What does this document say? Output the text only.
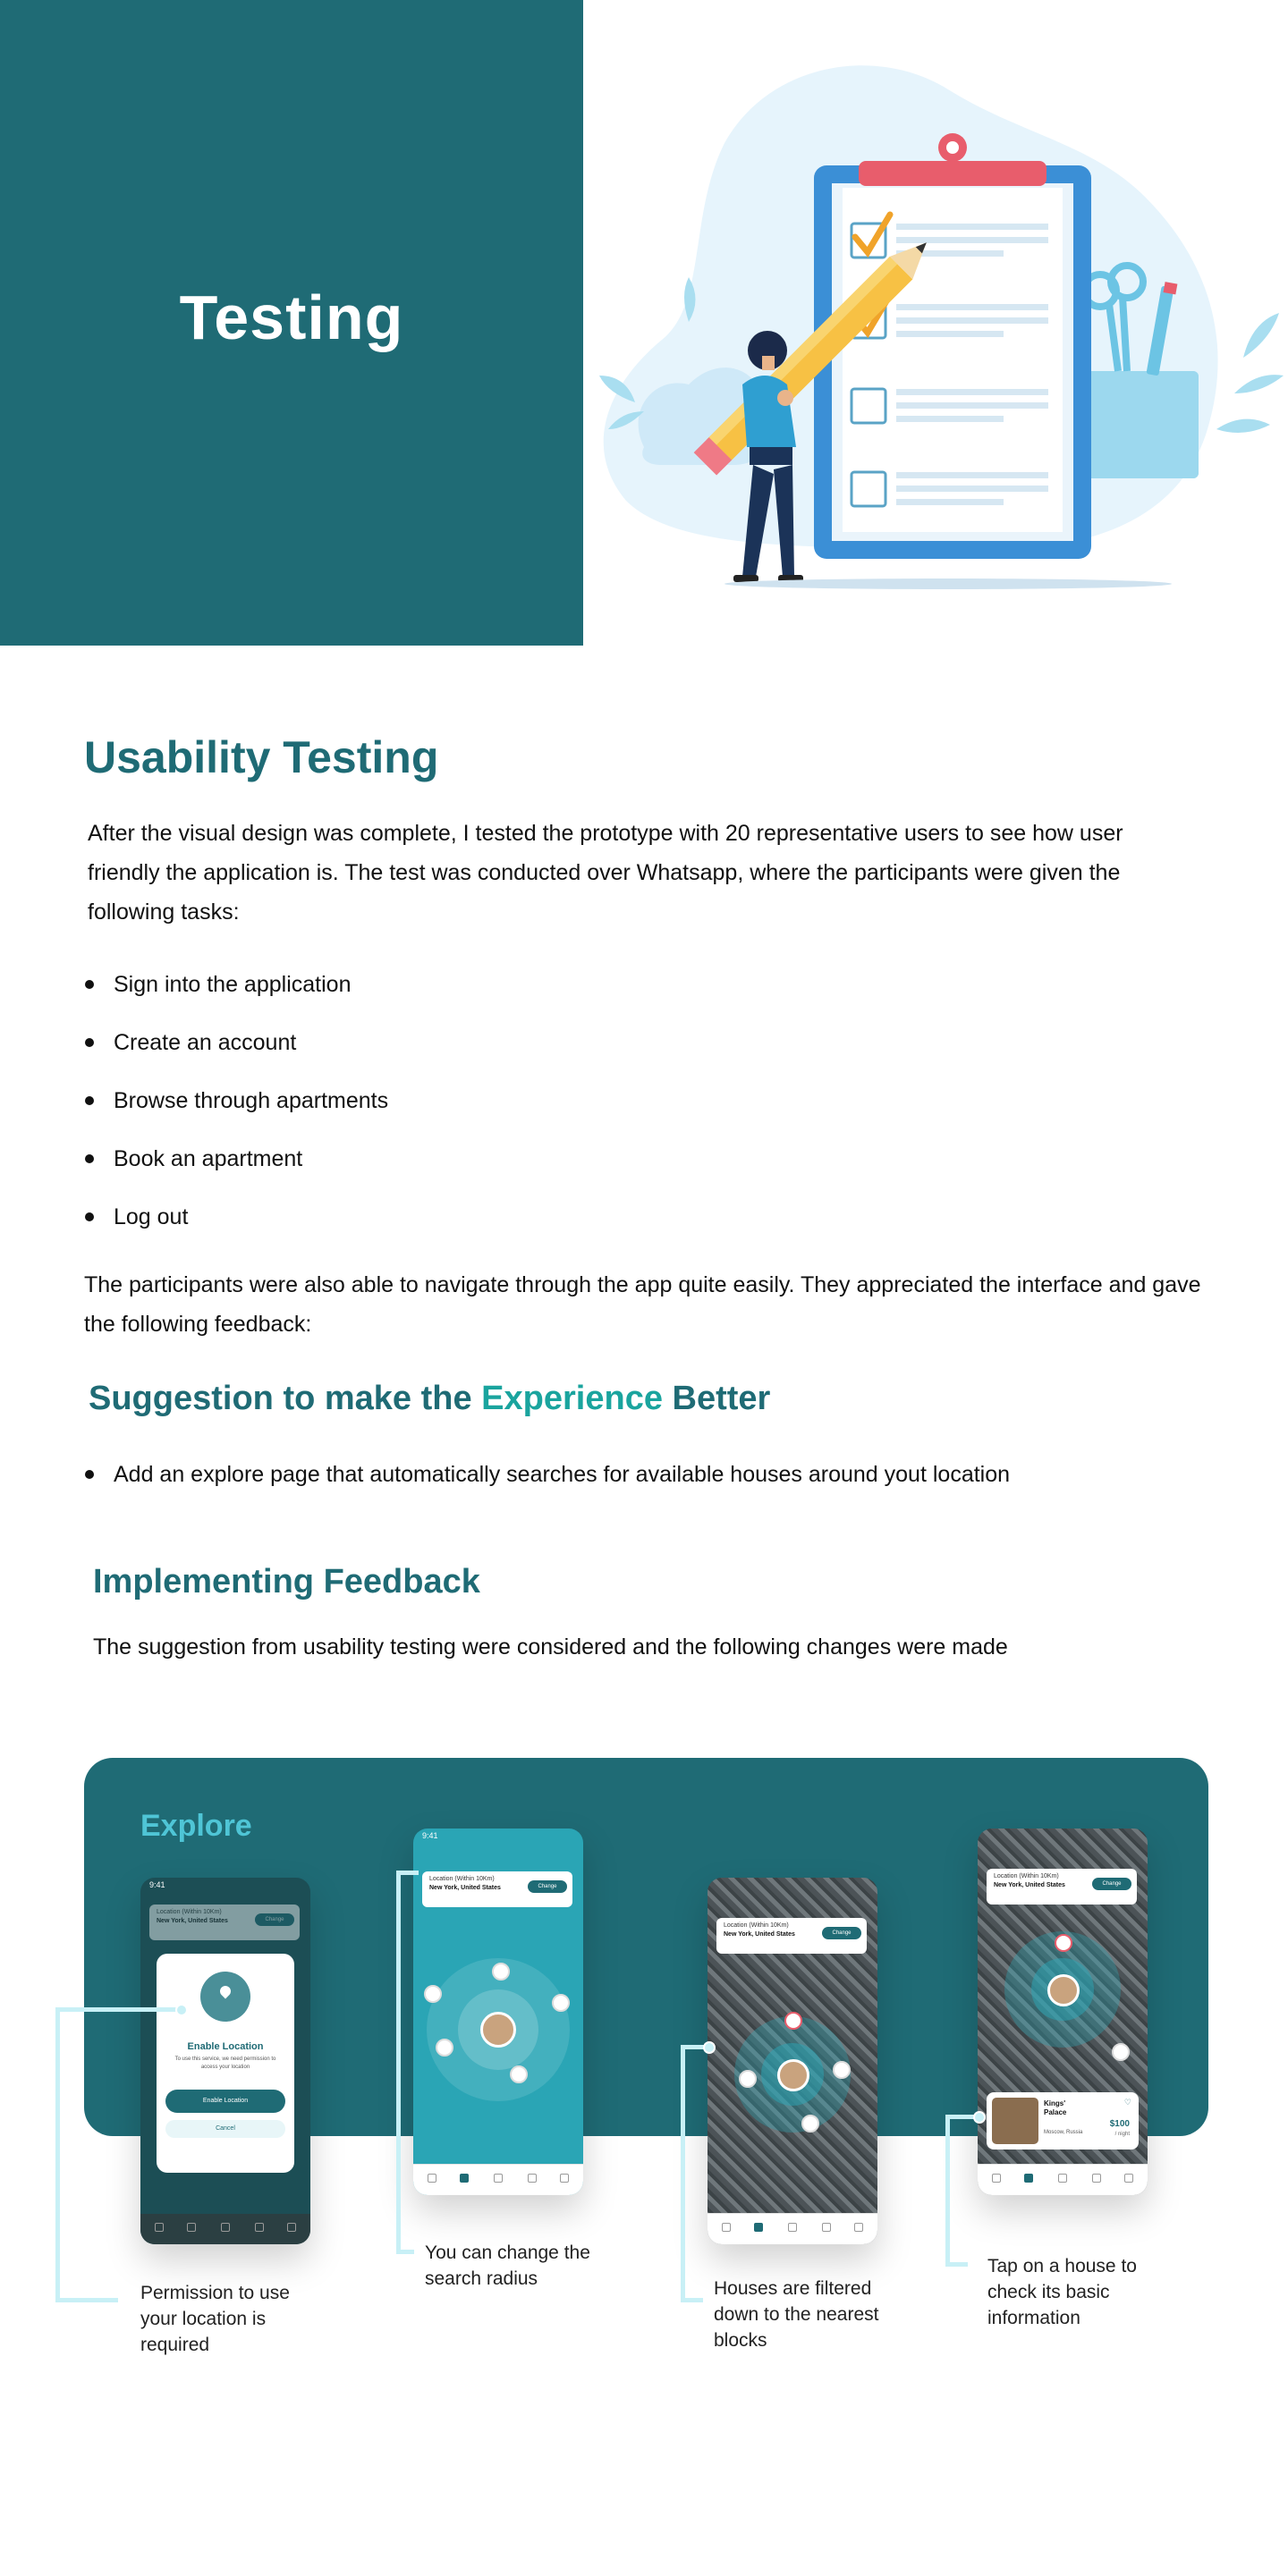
Testing
Usability Testing
After the visual design was complete, I tested the prototype with 20 representative users to see how user friendly the application is. The test was conducted over Whatsapp, where the participants were given the following tasks:
Sign into the application
Create an account
Browse through apartments
Book an apartment
Log out
The participants were also able to navigate through the app quite easily. They appreciated the interface and gave the following feedback:
Suggestion to make the Experience Better
Add an explore page that automatically searches for available houses around yout location
Implementing Feedback
The suggestion from usability testing were considered and the following changes were made
Explore
9:41
Location (Within 10Km)
New York, United States	Change
Enable Location
To use this service, we need permission to access your location
Enable Location
Cancel
9:41
Location (Within 10Km)
New York, United States	Change
Location (Within 10Km)
New York, United States	Change
Location (Within 10Km)
New York, United States	Change
Kings' Palace
Moscow, Russia
♡
$100
/ night
Permission to use your location is required
You can change the search radius	Houses are filtered down to the nearest blocks
Tap on a house to check its basic information
